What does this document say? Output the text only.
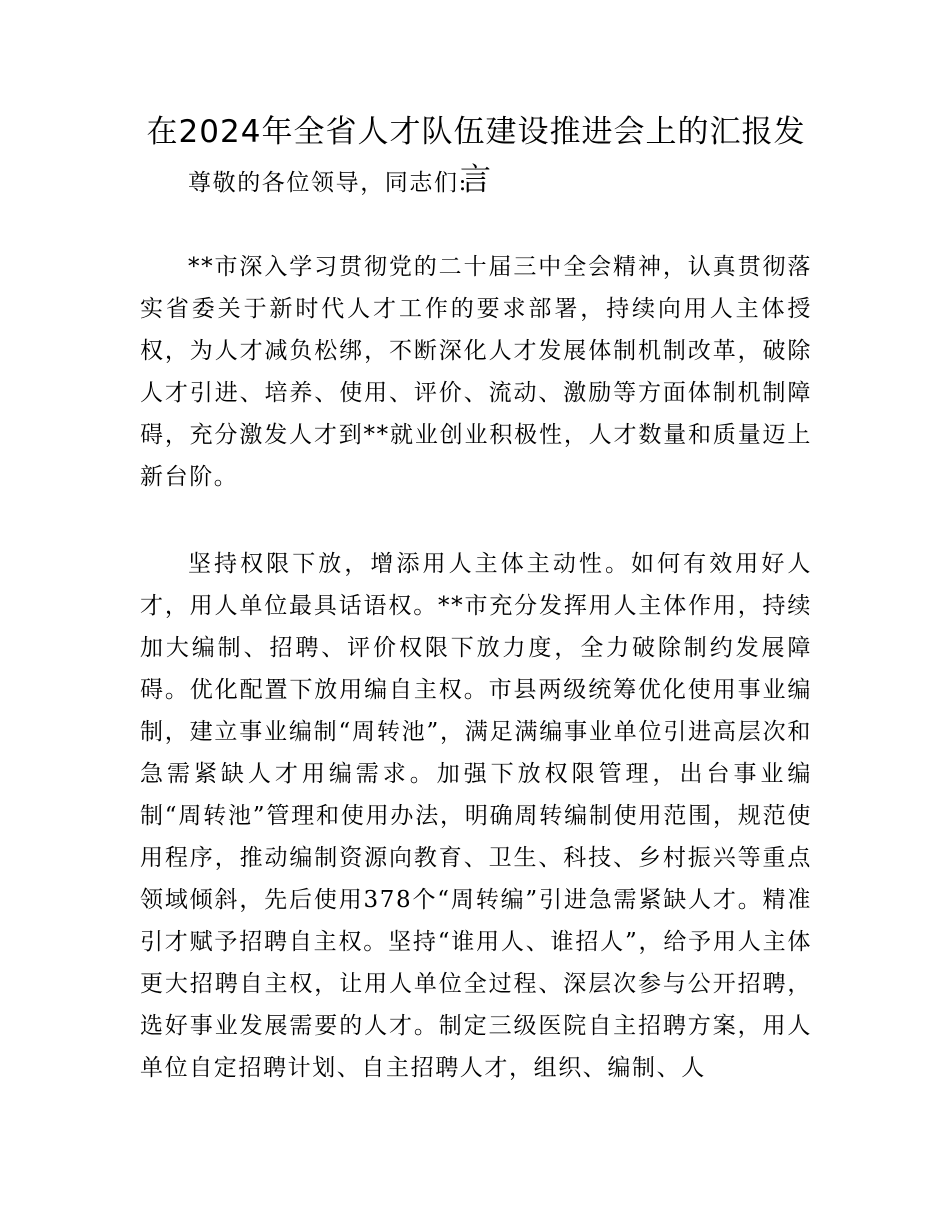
在2024年全省人才队伍建设推进会上的汇报发言
尊敬的各位领导，同志们:

**市深入学习贯彻党的二十届三中全会精神，认真贯彻落实省委关于新时代人才工作的要求部署，持续向用人主体授权，为人才减负松绑，不断深化人才发展体制机制改革，破除人才引进、培养、使用、评价、流动、激励等方面体制机制障碍，充分激发人才到**就业创业积极性，人才数量和质量迈上新台阶。

坚持权限下放，增添用人主体主动性。如何有效用好人才，用人单位最具话语权。**市充分发挥用人主体作用，持续加大编制、招聘、评价权限下放力度，全力破除制约发展障碍。优化配置下放用编自主权。市县两级统筹优化使用事业编制，建立事业编制“周转池”，满足满编事业单位引进高层次和急需紧缺人才用编需求。加强下放权限管理，出台事业编制“周转池”管理和使用办法，明确周转编制使用范围，规范使用程序，推动编制资源向教育、卫生、科技、乡村振兴等重点领域倾斜，先后使用378个“周转编”引进急需紧缺人才。精准引才赋予招聘自主权。坚持“谁用人、谁招人”，给予用人主体更大招聘自主权，让用人单位全过程、深层次参与公开招聘，选好事业发展需要的人才。制定三级医院自主招聘方案，用人单位自定招聘计划、自主招聘人才，组织、编制、人
